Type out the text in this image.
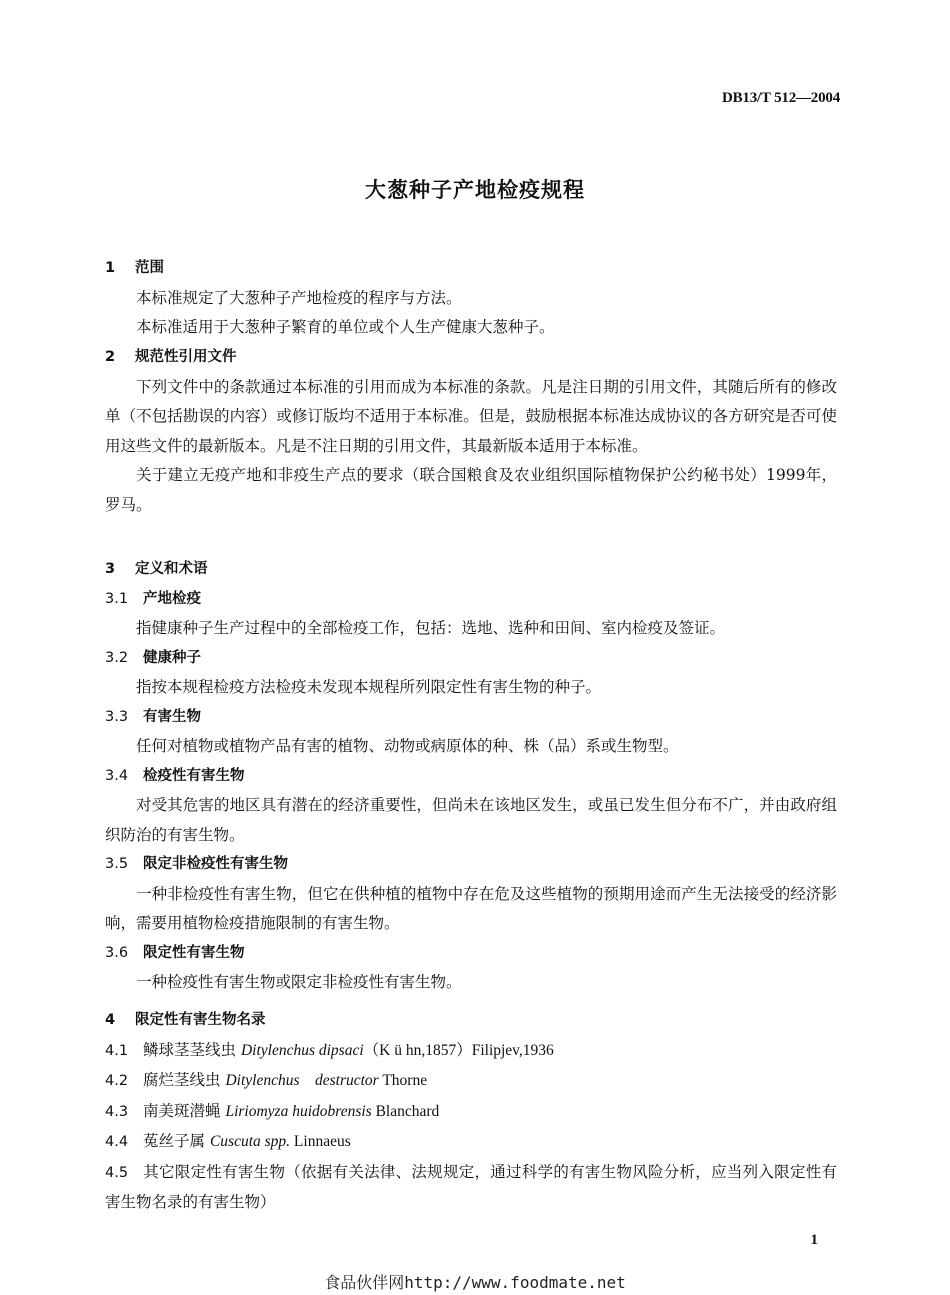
DB13/T 512—2004
大葱种子产地检疫规程
1 范围
本标准规定了大葱种子产地检疫的程序与方法。
本标准适用于大葱种子繁育的单位或个人生产健康大葱种子。
2 规范性引用文件
下列文件中的条款通过本标准的引用而成为本标准的条款。凡是注日期的引用文件，其随后所有的修改单（不包括勘误的内容）或修订版均不适用于本标准。但是，鼓励根据本标准达成协议的各方研究是否可使用这些文件的最新版本。凡是不注日期的引用文件，其最新版本适用于本标准。
关于建立无疫产地和非疫生产点的要求（联合国粮食及农业组织国际植物保护公约秘书处）1999年，罗马。
3 定义和术语
3.1 产地检疫
指健康种子生产过程中的全部检疫工作，包括：选地、选种和田间、室内检疫及签证。
3.2 健康种子
指按本规程检疫方法检疫未发现本规程所列限定性有害生物的种子。
3.3 有害生物
任何对植物或植物产品有害的植物、动物或病原体的种、株（品）系或生物型。
3.4 检疫性有害生物
对受其危害的地区具有潜在的经济重要性，但尚未在该地区发生，或虽已发生但分布不广，并由政府组织防治的有害生物。
3.5 限定非检疫性有害生物
一种非检疫性有害生物，但它在供种植的植物中存在危及这些植物的预期用途而产生无法接受的经济影响，需要用植物检疫措施限制的有害生物。
3.6 限定性有害生物
一种检疫性有害生物或限定非检疫性有害生物。
4 限定性有害生物名录
4.1 鳞球茎茎线虫 Ditylenchus dipsaci（K ü hn,1857）Filipjev,1936
4.2 腐烂茎线虫 Ditylenchus    destructor Thorne
4.3 南美斑潜蝇 Liriomyza huidobrensis Blanchard
4.4 菟丝子属 Cuscuta spp. Linnaeus
4.5 其它限定性有害生物（依据有关法律、法规规定，通过科学的有害生物风险分析，应当列入限定性有害生物名录的有害生物）
1
食品伙伴网http://www.foodmate.net
